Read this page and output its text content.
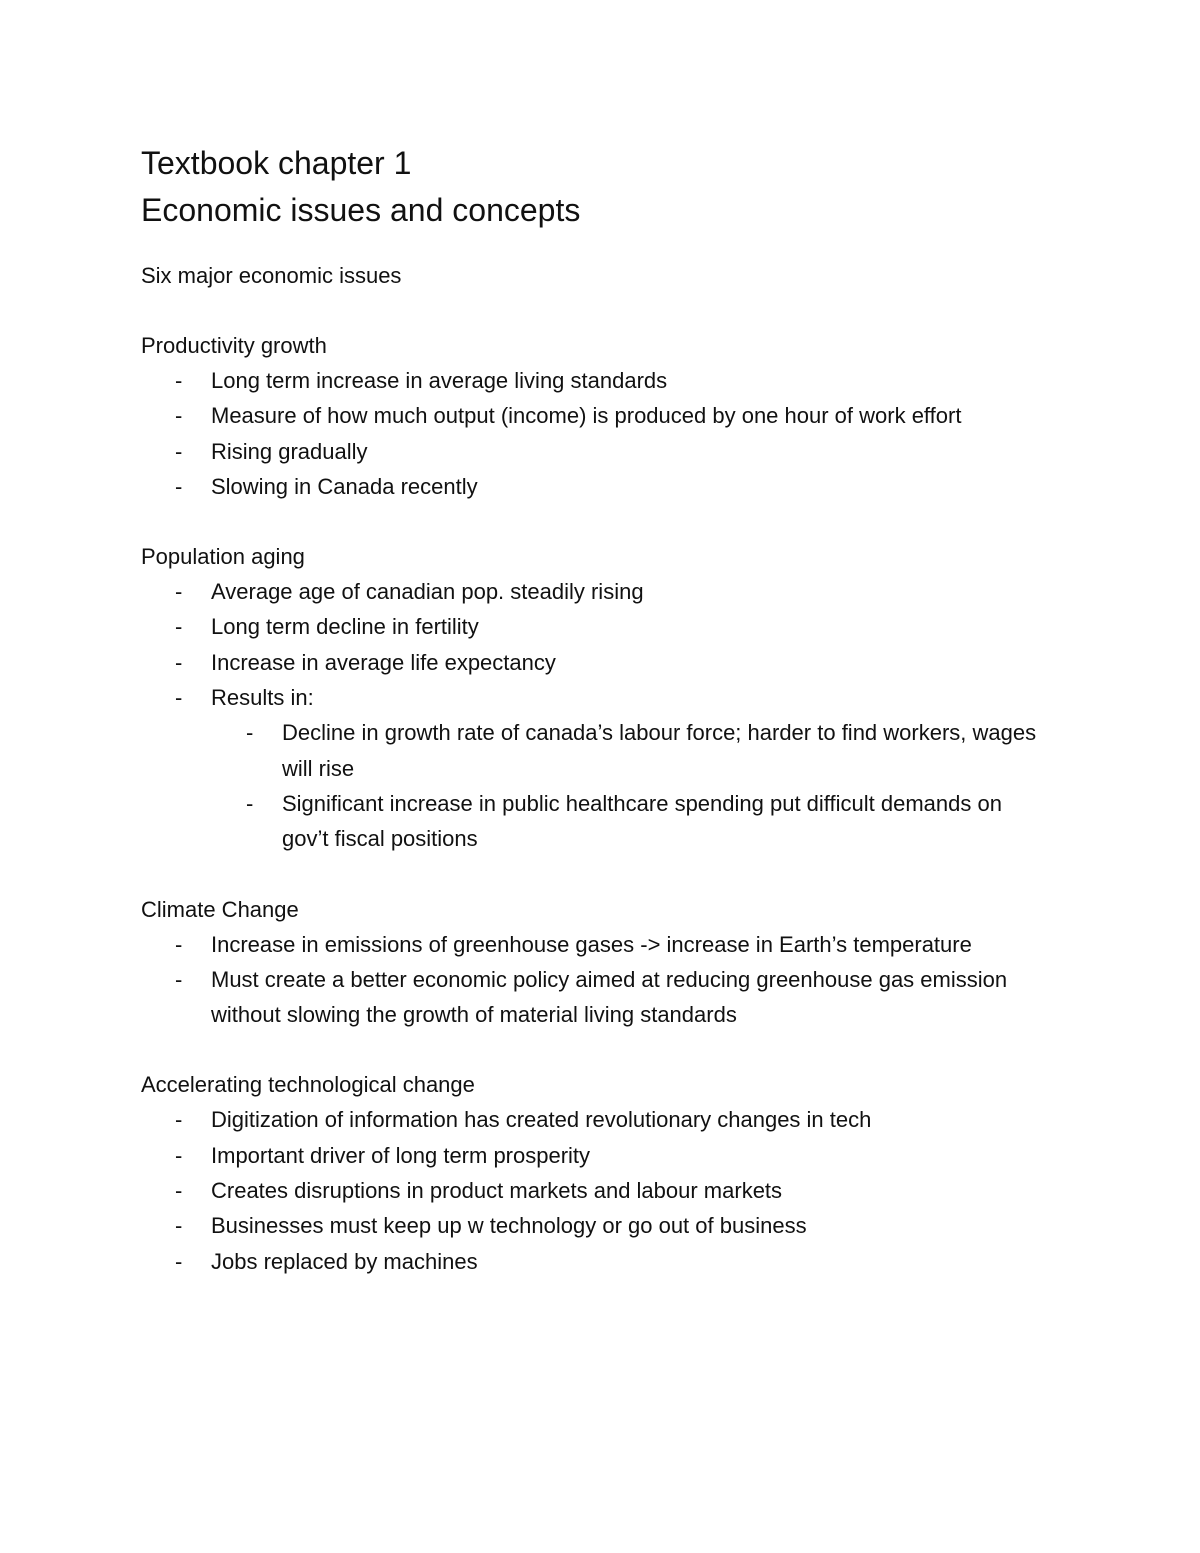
Textbook chapter 1
Economic issues and concepts
Six major economic issues
Productivity growth
- Long term increase in average living standards
- Measure of how much output (income) is produced by one hour of work effort
- Rising gradually
- Slowing in Canada recently
Population aging
- Average age of canadian pop. steadily rising
- Long term decline in fertility
- Increase in average life expectancy
- Results in:
- Decline in growth rate of canada’s labour force; harder to find workers, wages will rise
- Significant increase in public healthcare spending put difficult demands on gov’t fiscal positions
Climate Change
- Increase in emissions of greenhouse gases -> increase in Earth’s temperature
- Must create a better economic policy aimed at reducing greenhouse gas emission without slowing the growth of material living standards
Accelerating technological change
- Digitization of information has created revolutionary changes in tech
- Important driver of long term prosperity
- Creates disruptions in product markets and labour markets
- Businesses must keep up w technology or go out of business
- Jobs replaced by machines
